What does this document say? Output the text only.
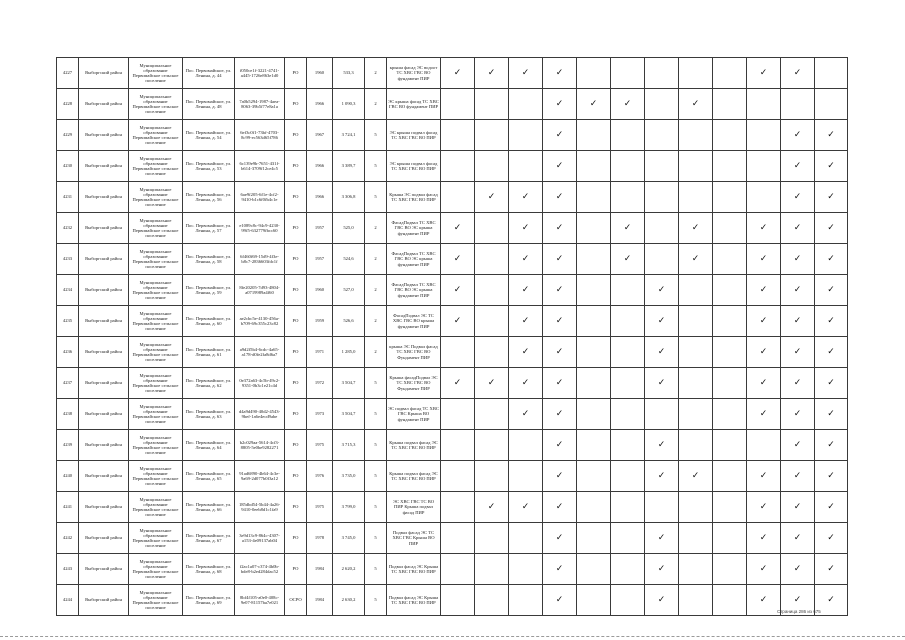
4227	Выборгский район	Муниципальное образование Первомайское сельское поселение	Пос. Первомайское, ул. Ленина, д. 44	f050ce1f-3221-4741-a445-1726e863e1d0	РО	1960	533,3	2	крыша фасад ЭС водоот ТС ХВС ГВС ВО фундамент ПИР	✓	✓	✓	✓						✓	✓	
4228	Выборгский район	Муниципальное образование Первомайское сельское поселение	Пос. Первомайское, ул. Ленина, д. 48	7a0b5294-1987-4aea-8063-39b5f77e8a1a	РО	1966	1 090,3	2	ЭС крыша фасад ТС ХВС ГВС ВО фундамент ПИР				✓	✓	✓		✓				
4229	Выборгский район	Муниципальное образование Первомайское сельское поселение	Пос. Первомайское, ул. Ленина, д. 54	6ef3c0f1-73bf-4703-8c99-ec563d65f786	РО	1967	3 724,1	5	ЭС крыша подвал фасад ТС ХВС ГВС ВО ПИР				✓							✓	✓
4230	Выборгский район	Муниципальное образование Первомайское сельское поселение	Пос. Первомайское, ул. Ленина, д. 53	6c139e9b-7651-431f-b614-3709f12ce4c5	РО	1966	3 389,7	5	ЭС крыша подвал фасад ТС ХВС ГВС ВО ПИР				✓							✓	✓
4231	Выборгский район	Муниципальное образование Первомайское сельское поселение	Пос. Первомайское, ул. Ленина, д. 56	6ae9f205-6f1e-4cf2-9410-b1c6f0fb4c1e	РО	1966	3 306,8	5	Крыша ЭС подвал фасад ТС ХВС ГВС ВО ПИР		✓	✓	✓							✓	✓
4232	Выборгский район	Муниципальное образование Первомайское сельское поселение	Пос. Первомайское, ул. Ленина, д. 57	e1089c8c-94c9-4230-99f5-632779fbcc60	РО	1957	525,0	2	ФасадПодвал ТС ХВС ГВС ВО ЭС крыша фундамент ПИР	✓		✓	✓		✓		✓		✓	✓	✓
4233	Выборгский район	Муниципальное образование Первомайское сельское поселение	Пос. Первомайское, ул. Ленина, д. 58	6f460f69-15d9-4f3e-b8c7-2836603fdc1f	РО	1957	524,6	2	ФасадПодвал ТС ХВС ГВС ВО ЭС крыша фундамент ПИР	✓		✓	✓		✓		✓		✓	✓	✓
4234	Выборгский район	Муниципальное образование Первомайское сельское поселение	Пос. Первомайское, ул. Ленина, д. 59	8fe20205-7d93-4804-a0719989a4f60	РО	1960	527,0	2	ФасадПодвал ТС ХВС ГВС ВО ЭС крыша фундамент ПИР	✓		✓	✓			✓			✓	✓	✓
4235	Выборгский район	Муниципальное образование Первомайское сельское поселение	Пос. Первомайское, ул. Ленина, д. 60	ae2cbc5e-4130-456a-b709-69c355c23c82	РО	1959	526,6	2	ФасадПодвал ЭС ТС ХВС ГВС ВО крыша фундамент ПИР	✓		✓	✓			✓			✓	✓	✓
4236	Выборгский район	Муниципальное образование Первомайское сельское поселение	Пос. Первомайское, ул. Ленина, д. 61	a9d2f5b4-6cdc-4a65-a178-d0fe2fa8d6a7	РО	1971	1 285,0	2	крыша ЭС Подвал фасад ТС ХВС ГВС ВО Фундамент ПИР			✓	✓			✓			✓	✓	✓
4237	Выборгский район	Муниципальное образование Первомайское сельское поселение	Пос. Первомайское, ул. Ленина, д. 62	0e372a63-4c5b-49c2-9351-0b3c1e21c4d	РО	1972	3 504,7	5	Крыша фасадПодвал ЭС ТС ХВС ГВС ВО Фундамент ПИР	✓	✓	✓	✓			✓			✓	✓	✓
4238	Выборгский район	Муниципальное образование Первомайское сельское поселение	Пос. Первомайское, ул. Ленина, д. 63	d4a9d490-40d2-4543-9bef-1a6e4ecd9abe	РО	1973	3 504,7	5	ЭС подвал фасад ТС ХВС ГВС Крыша ВО фундамент ПИР			✓	✓						✓	✓	✓
4239	Выборгский район	Муниципальное образование Первомайское сельское поселение	Пос. Первомайское, ул. Ленина, д. 64	b2c029aa-5614-4cf3-8805-5e0be9282271	РО	1975	3 715,3	5	Крыша подвал фасад ЭС ТС ХВС ГВС ВО ПИР				✓			✓				✓	✓
4240	Выборгский район	Муниципальное образование Первомайское сельское поселение	Пос. Первомайское, ул. Ленина, д. 65	91ad6890-4b64-4c3e-9a69-2d077b0f3a12	РО	1976	3 735,0	5	Крыша подвал фасад ЭС ТС ХВС ГВС ВО ПИР				✓			✓	✓		✓	✓	✓
4241	Выборгский район	Муниципальное образование Первомайское сельское поселение	Пос. Первомайское, ул. Ленина, д. 66	185dbd54-5b44-4a26-9410-0eeb8d1c1fa9	РО	1975	3 799,0	5	ЭС ХВС ГВС ТС ВО ПИР Крыша подвал фасад ПИР		✓	✓	✓						✓	✓	✓
4242	Выборгский район	Муниципальное образование Первомайское сельское поселение	Пос. Первомайское, ул. Ленина, д. 67	3e9d13c9-864c-4307-a153-4e09137ab04	РО	1978	3 745,0	5	Подвал фасад ЭС ТС ХВС ГВС Крыша ВО ПИР				✓			✓			✓	✓	✓
4243	Выборгский район	Муниципальное образование Первомайское сельское поселение	Пос. Первомайское, ул. Ленина, д. 68	f2ac1a07-c374-4b0b-bde8-b2ed284dac52	РО	1984	2 620,2	5	Подвал фасад ЭС Крыша ТС ХВС ГВС ВО ПИР				✓			✓			✓	✓	✓
4244	Выборгский район	Муниципальное образование Первомайское сельское поселение	Пос. Первомайское, ул. Ленина, д. 69	8bf4f105-a0e0-408c-9e07-81157ba7e021	ОСРО	1984	2 630,2	5	Подвал фасад ЭС Крыша ТС ХВС ГВС ВО ПИР				✓			✓			✓	✓	✓
Страница 286 из 675
